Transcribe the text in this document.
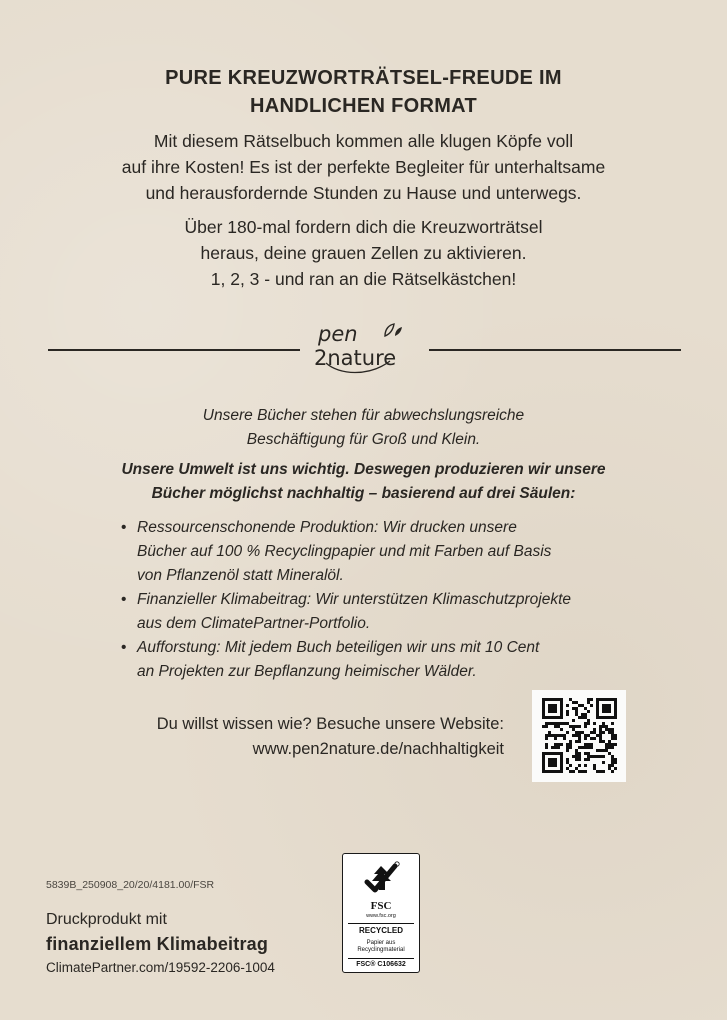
PURE KREUZWORTRÄTSEL-FREUDE IM
HANDLICHEN FORMAT
Mit diesem Rätselbuch kommen alle klugen Köpfe voll
auf ihre Kosten! Es ist der perfekte Begleiter für unterhaltsame
und herausfordernde Stunden zu Hause und unterwegs.
Über 180-mal fordern dich die Kreuzworträtsel
heraus, deine grauen Zellen zu aktivieren.
1, 2, 3 - und ran an die Rätselkästchen!
pen
2nature
Unsere Bücher stehen für abwechslungsreiche
Beschäftigung für Groß und Klein.
Unsere Umwelt ist uns wichtig. Deswegen produzieren wir unsere
Bücher möglichst nachhaltig – basierend auf drei Säulen:
• Ressourcenschonende Produktion: Wir drucken unsere
Bücher auf 100 % Recyclingpapier und mit Farben auf Basis
von Pflanzenöl statt Mineralöl.
• Finanzieller Klimabeitrag: Wir unterstützen Klimaschutzprojekte
aus dem ClimatePartner-Portfolio.
• Aufforstung: Mit jedem Buch beteiligen wir uns mit 10 Cent
an Projekten zur Bepflanzung heimischer Wälder.
Du willst wissen wie? Besuche unsere Website:
www.pen2nature.de/nachhaltigkeit
5839B_250908_20/20/4181.00/FSR
Druckprodukt mit
finanziellem Klimabeitrag
ClimatePartner.com/19592-2206-1004
FSC
www.fsc.org
RECYCLED
Papier aus
Recyclingmaterial
FSC® C106632
